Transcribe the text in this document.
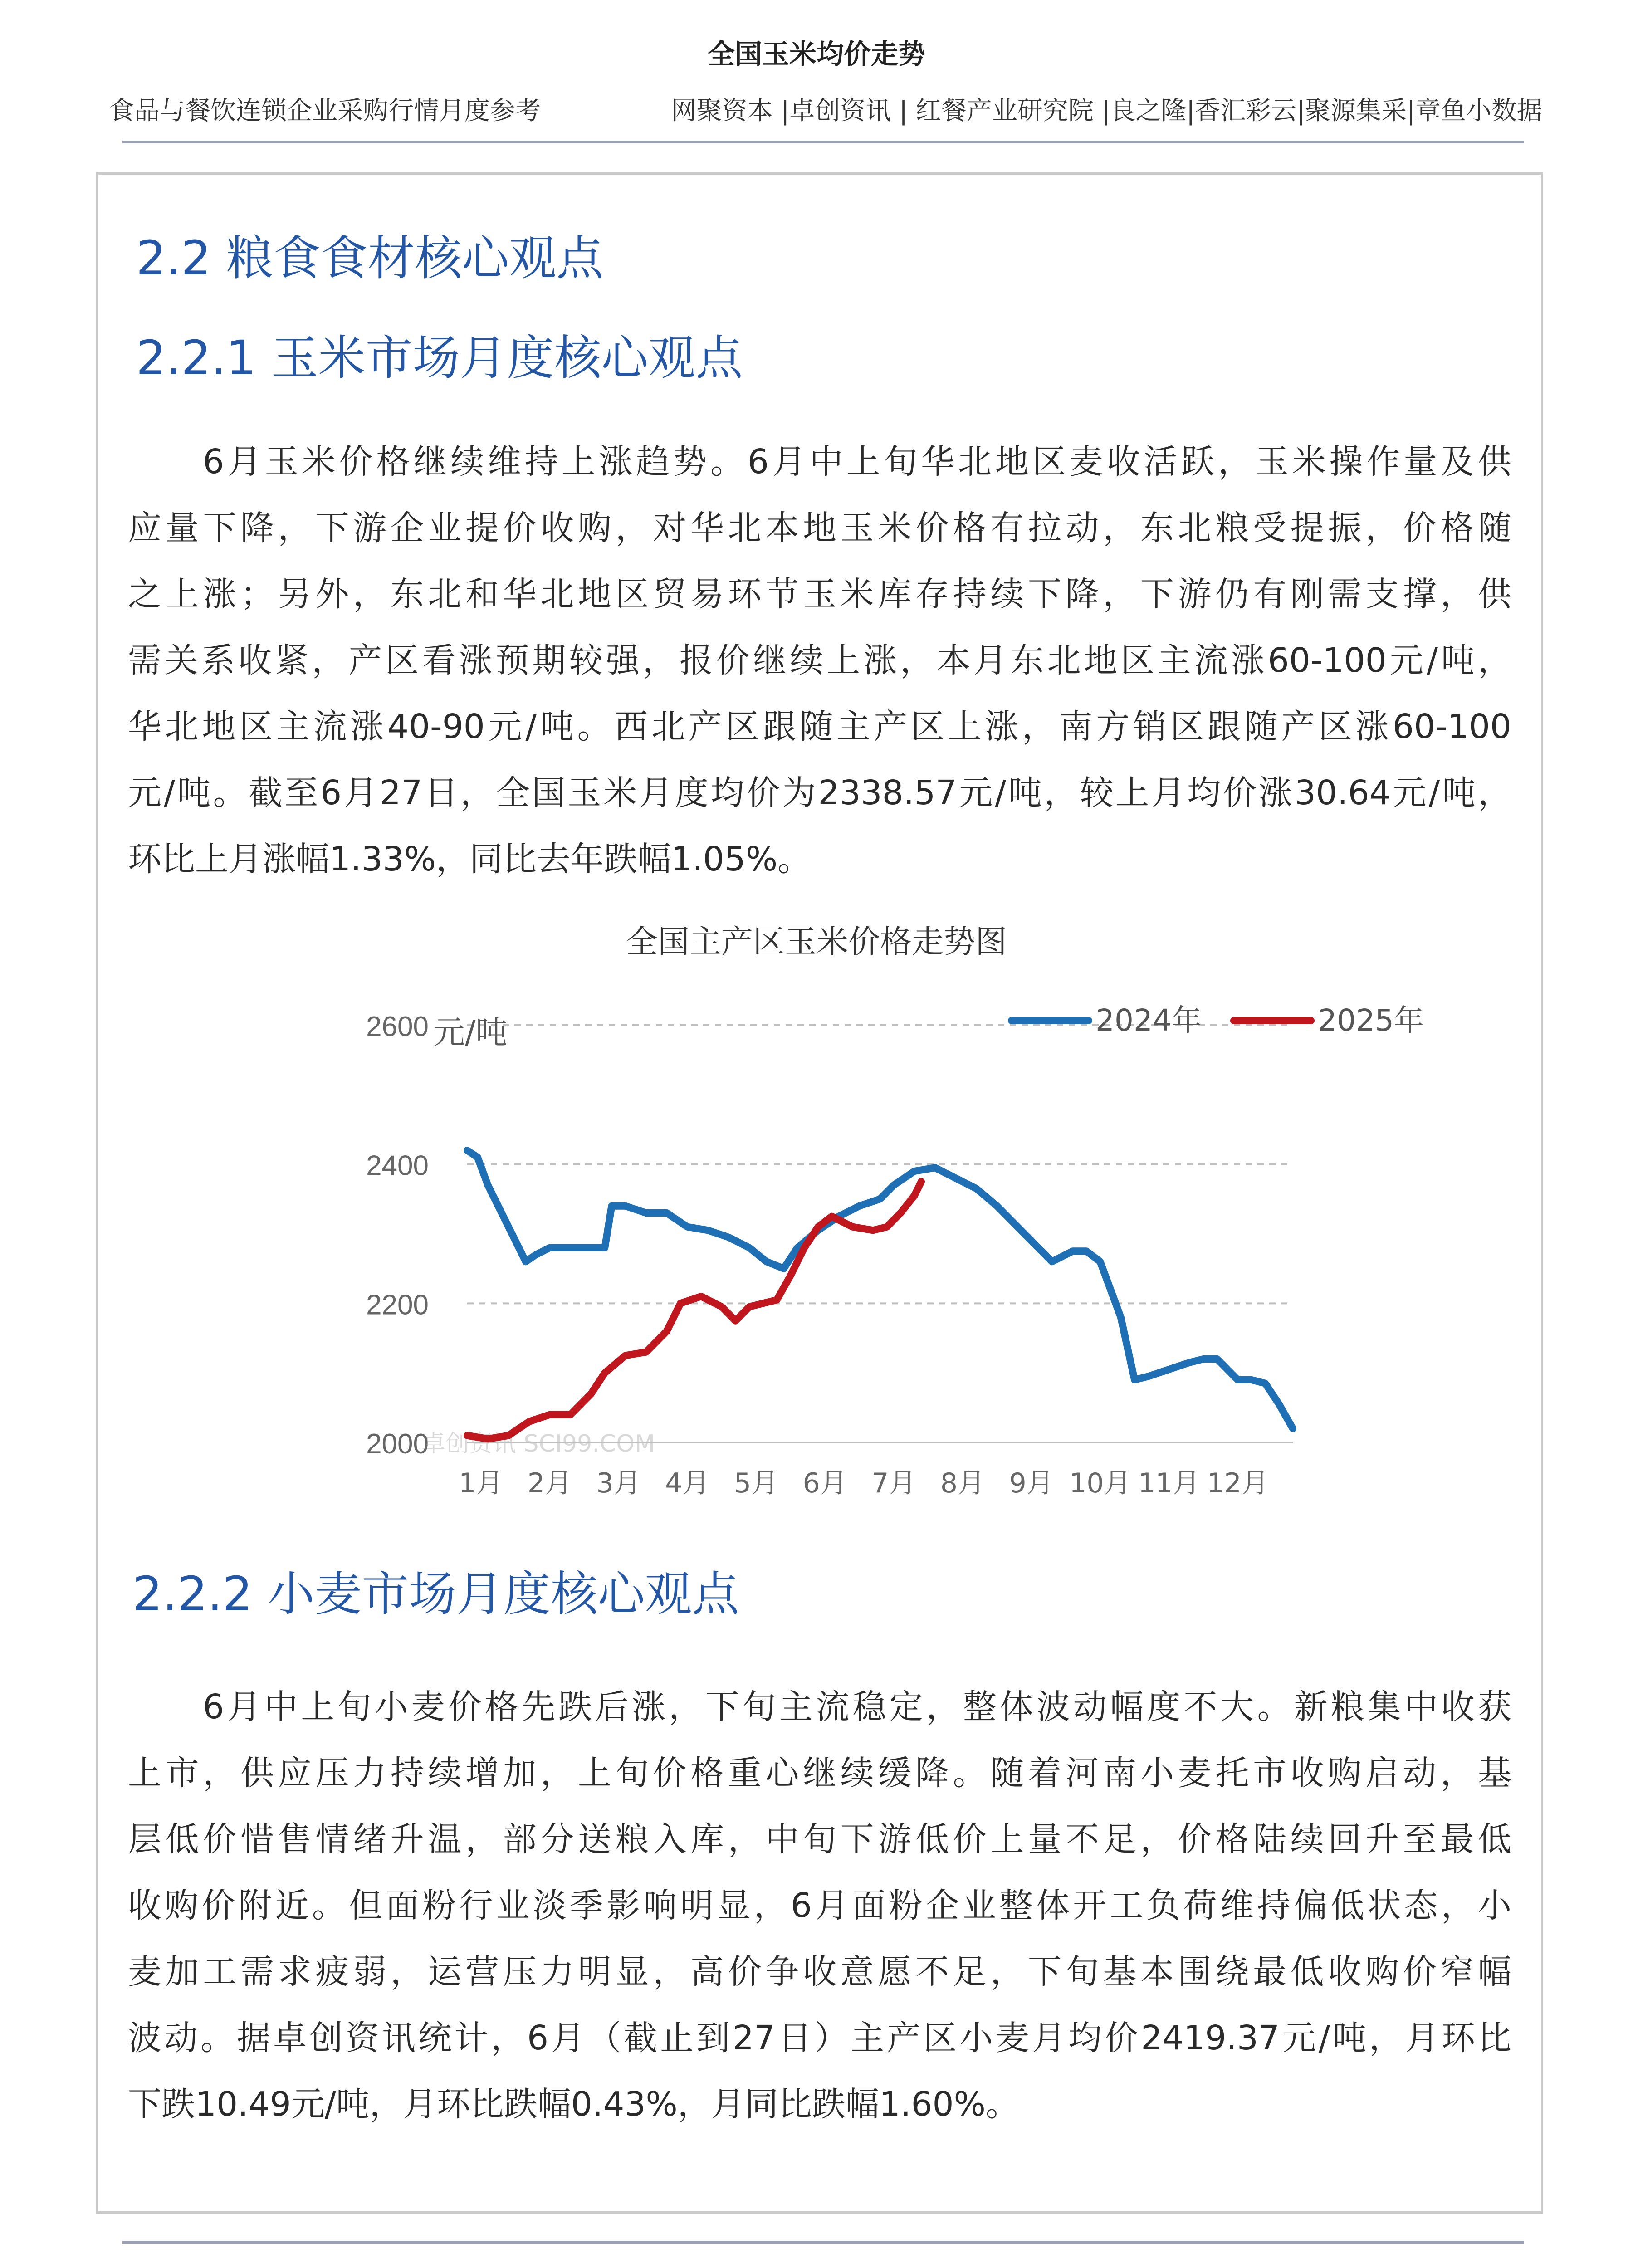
全国玉米均价走势
食品与餐饮连锁企业采购行情月度参考	网聚资本 |卓创资讯 | 红餐产业研究院 |良之隆|香汇彩云|聚源集采|章鱼小数据
2.2 粮食食材核心观点
2.2.1 玉米市场月度核心观点
6月玉米价格继续维持上涨趋势。6月中上旬华北地区麦收活跃，玉米操作量及供
应量下降，下游企业提价收购，对华北本地玉米价格有拉动，东北粮受提振，价格随
之上涨；另外，东北和华北地区贸易环节玉米库存持续下降，下游仍有刚需支撑，供
需关系收紧，产区看涨预期较强，报价继续上涨，本月东北地区主流涨60-100元/吨，
华北地区主流涨40-90元/吨。西北产区跟随主产区上涨，南方销区跟随产区涨60-100
元/吨。截至6月27日，全国玉米月度均价为2338.57元/吨，较上月均价涨30.64元/吨，
环比上月涨幅1.33%，同比去年跌幅1.05%。
全国主产区玉米价格走势图
卓创资讯 SCI99.COM
2000
2200
2400
2600 元/吨
1月 2月 3月 4月 5月 6月 7月 8月 9月 10月 11月 12月
2024年	2025年
2.2.2 小麦市场月度核心观点
6月中上旬小麦价格先跌后涨，下旬主流稳定，整体波动幅度不大。新粮集中收获
上市，供应压力持续增加，上旬价格重心继续缓降。随着河南小麦托市收购启动，基
层低价惜售情绪升温，部分送粮入库，中旬下游低价上量不足，价格陆续回升至最低
收购价附近。但面粉行业淡季影响明显，6月面粉企业整体开工负荷维持偏低状态，小
麦加工需求疲弱，运营压力明显，高价争收意愿不足，下旬基本围绕最低收购价窄幅
波动。据卓创资讯统计，6月（截止到27日）主产区小麦月均价2419.37元/吨，月环比
下跌10.49元/吨，月环比跌幅0.43%，月同比跌幅1.60%。
